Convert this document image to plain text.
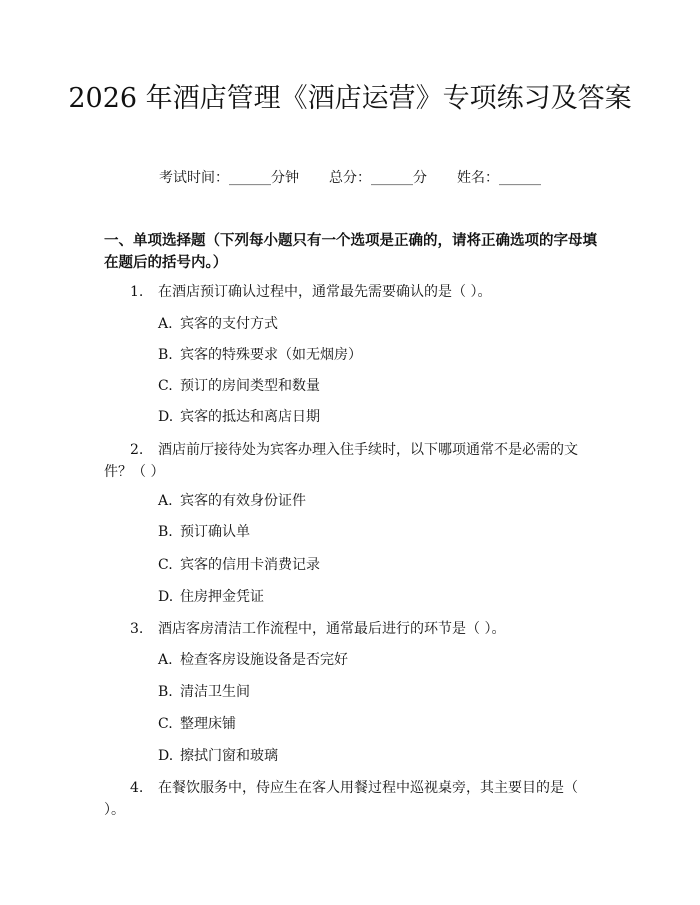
2026 年酒店管理《酒店运营》专项练习及答案
考试时间：______分钟 总分：______分 姓名：______
一、单项选择题（下列每小题只有一个选项是正确的，请将正确选项的字母填在题后的括号内。）
1. 在酒店预订确认过程中，通常最先需要确认的是（ ）。
A. 宾客的支付方式
B. 宾客的特殊要求（如无烟房）
C. 预订的房间类型和数量
D. 宾客的抵达和离店日期
2. 酒店前厅接待处为宾客办理入住手续时，以下哪项通常不是必需的文件？（ ）
A. 宾客的有效身份证件
B. 预订确认单
C. 宾客的信用卡消费记录
D. 住房押金凭证
3. 酒店客房清洁工作流程中，通常最后进行的环节是（ ）。
A. 检查客房设施设备是否完好
B. 清洁卫生间
C. 整理床铺
D. 擦拭门窗和玻璃
4. 在餐饮服务中，侍应生在客人用餐过程中巡视桌旁，其主要目的是（ ）。
